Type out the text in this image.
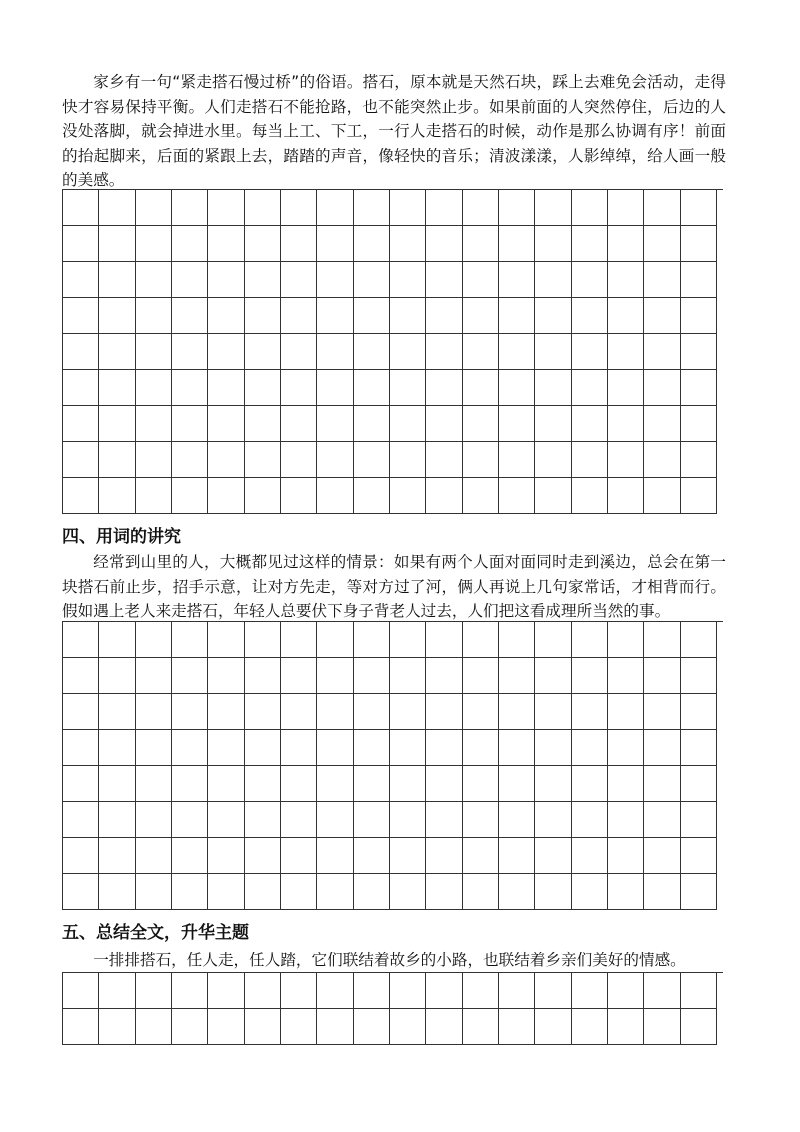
家乡有一句“紧走搭石慢过桥”的俗语。搭石，原本就是天然石块，踩上去难免会活动，走得快才容易保持平衡。人们走搭石不能抢路，也不能突然止步。如果前面的人突然停住，后边的人没处落脚，就会掉进水里。每当上工、下工，一行人走搭石的时候，动作是那么协调有序！前面的抬起脚来，后面的紧跟上去，踏踏的声音，像轻快的音乐；清波漾漾，人影绰绰，给人画一般的美感。

四、用词的讲究

经常到山里的人，大概都见过这样的情景：如果有两个人面对面同时走到溪边，总会在第一块搭石前止步，招手示意，让对方先走，等对方过了河，俩人再说上几句家常话，才相背而行。假如遇上老人来走搭石，年轻人总要伏下身子背老人过去，人们把这看成理所当然的事。

五、总结全文，升华主题

一排排搭石，任人走，任人踏，它们联结着故乡的小路，也联结着乡亲们美好的情感。
